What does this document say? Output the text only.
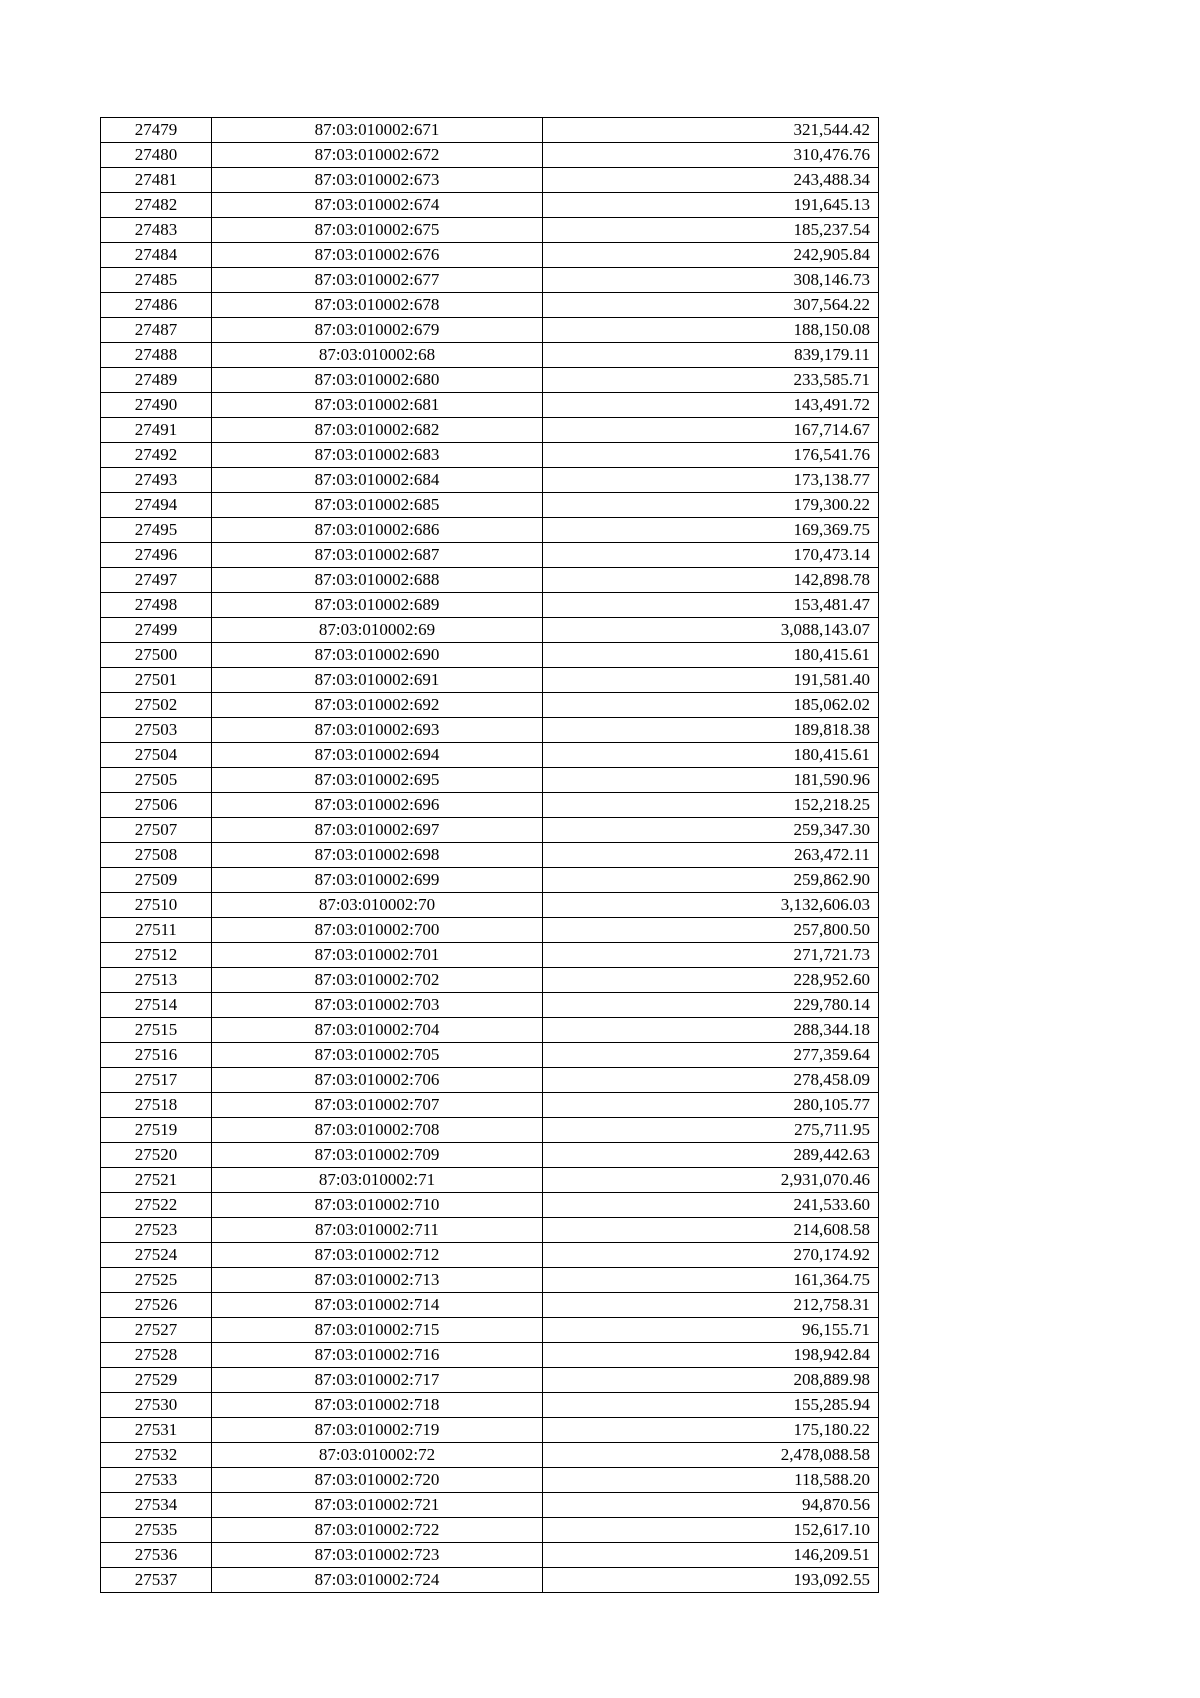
27479	87:03:010002:671	321,544.42
27480	87:03:010002:672	310,476.76
27481	87:03:010002:673	243,488.34
27482	87:03:010002:674	191,645.13
27483	87:03:010002:675	185,237.54
27484	87:03:010002:676	242,905.84
27485	87:03:010002:677	308,146.73
27486	87:03:010002:678	307,564.22
27487	87:03:010002:679	188,150.08
27488	87:03:010002:68	839,179.11
27489	87:03:010002:680	233,585.71
27490	87:03:010002:681	143,491.72
27491	87:03:010002:682	167,714.67
27492	87:03:010002:683	176,541.76
27493	87:03:010002:684	173,138.77
27494	87:03:010002:685	179,300.22
27495	87:03:010002:686	169,369.75
27496	87:03:010002:687	170,473.14
27497	87:03:010002:688	142,898.78
27498	87:03:010002:689	153,481.47
27499	87:03:010002:69	3,088,143.07
27500	87:03:010002:690	180,415.61
27501	87:03:010002:691	191,581.40
27502	87:03:010002:692	185,062.02
27503	87:03:010002:693	189,818.38
27504	87:03:010002:694	180,415.61
27505	87:03:010002:695	181,590.96
27506	87:03:010002:696	152,218.25
27507	87:03:010002:697	259,347.30
27508	87:03:010002:698	263,472.11
27509	87:03:010002:699	259,862.90
27510	87:03:010002:70	3,132,606.03
27511	87:03:010002:700	257,800.50
27512	87:03:010002:701	271,721.73
27513	87:03:010002:702	228,952.60
27514	87:03:010002:703	229,780.14
27515	87:03:010002:704	288,344.18
27516	87:03:010002:705	277,359.64
27517	87:03:010002:706	278,458.09
27518	87:03:010002:707	280,105.77
27519	87:03:010002:708	275,711.95
27520	87:03:010002:709	289,442.63
27521	87:03:010002:71	2,931,070.46
27522	87:03:010002:710	241,533.60
27523	87:03:010002:711	214,608.58
27524	87:03:010002:712	270,174.92
27525	87:03:010002:713	161,364.75
27526	87:03:010002:714	212,758.31
27527	87:03:010002:715	96,155.71
27528	87:03:010002:716	198,942.84
27529	87:03:010002:717	208,889.98
27530	87:03:010002:718	155,285.94
27531	87:03:010002:719	175,180.22
27532	87:03:010002:72	2,478,088.58
27533	87:03:010002:720	118,588.20
27534	87:03:010002:721	94,870.56
27535	87:03:010002:722	152,617.10
27536	87:03:010002:723	146,209.51
27537	87:03:010002:724	193,092.55
